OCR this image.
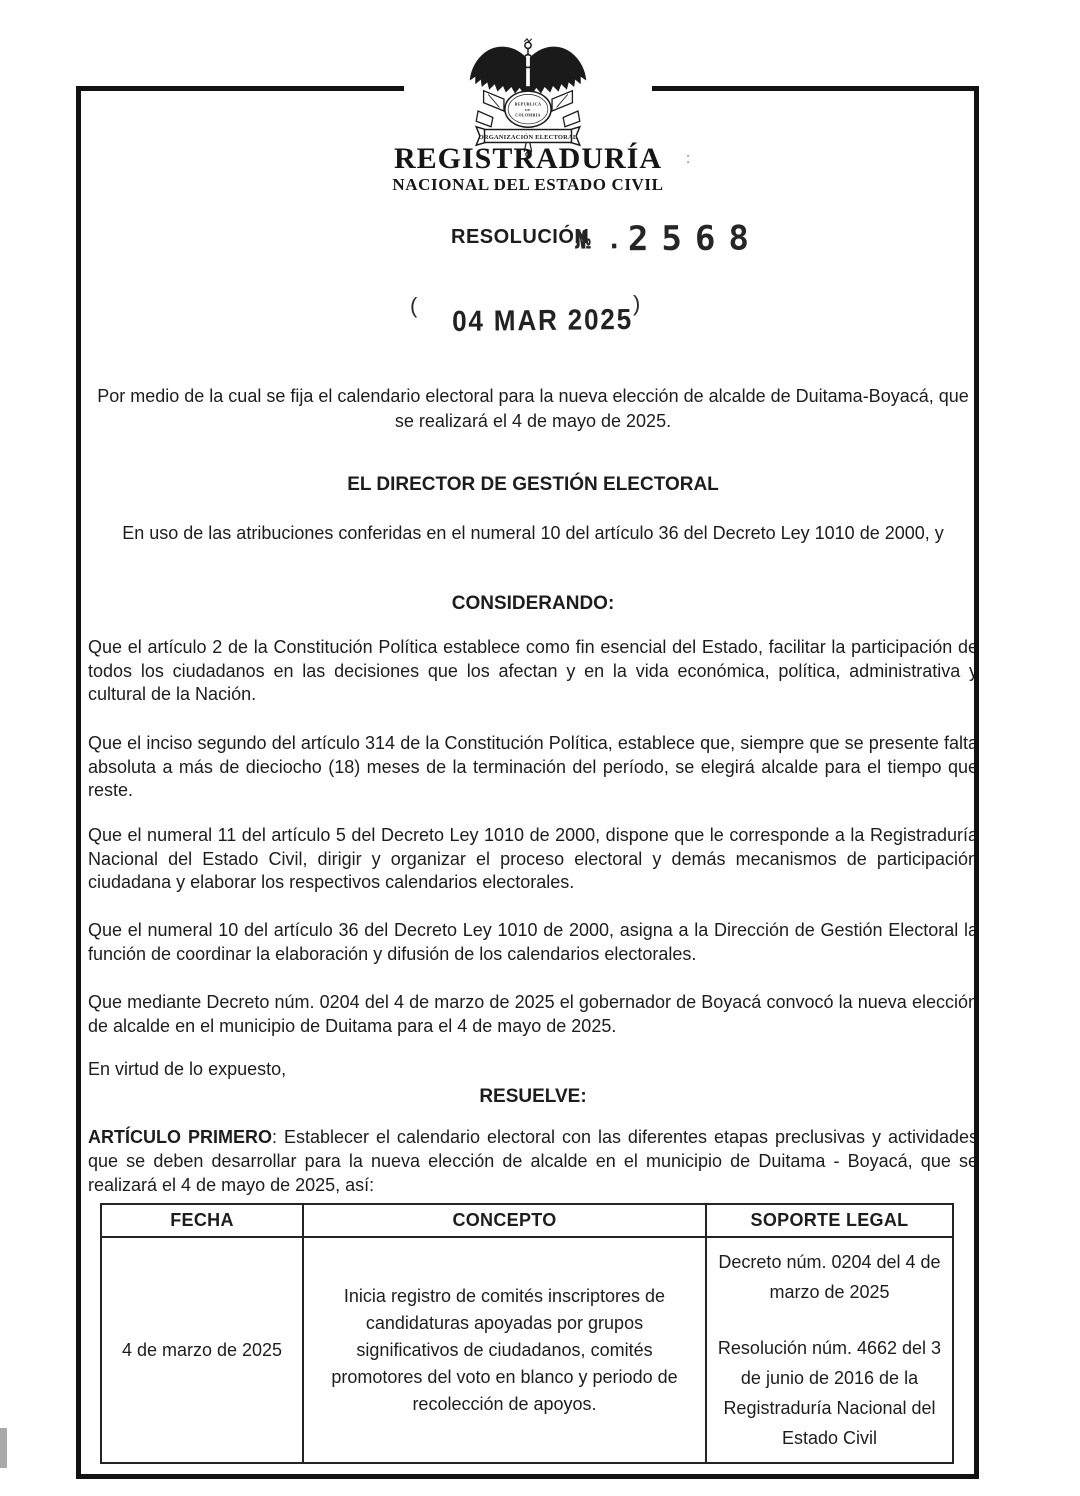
REPUBLICA
DE
COLOMBIA
ORGANIZACIÓN ELECTORAL
REGISTRADURÍA
NACIONAL DEL ESTADO CIVIL
RESOLUCIÓN
№ . 2568
(	)
04 MAR 2025

Por medio de la cual se fija el calendario electoral para la nueva elección de alcalde de Duitama-Boyacá, que se realizará el 4 de mayo de 2025.

EL DIRECTOR DE GESTIÓN ELECTORAL

En uso de las atribuciones conferidas en el numeral 10 del artículo 36 del Decreto Ley 1010 de 2000, y

CONSIDERANDO:

Que el artículo 2 de la Constitución Política establece como fin esencial del Estado, facilitar la participación de todos los ciudadanos en las decisiones que los afectan y en la vida económica, política, administrativa y cultural de la Nación.

Que el inciso segundo del artículo 314 de la Constitución Política, establece que, siempre que se presente falta absoluta a más de dieciocho (18) meses de la terminación del período, se elegirá alcalde para el tiempo que reste.

Que el numeral 11 del artículo 5 del Decreto Ley 1010 de 2000, dispone que le corresponde a la Registraduría Nacional del Estado Civil, dirigir y organizar el proceso electoral y demás mecanismos de participación ciudadana y elaborar los respectivos calendarios electorales.

Que el numeral 10 del artículo 36 del Decreto Ley 1010 de 2000, asigna a la Dirección de Gestión Electoral la función de coordinar la elaboración y difusión de los calendarios electorales.

Que mediante Decreto núm. 0204 del 4 de marzo de 2025 el gobernador de Boyacá convocó la nueva elección de alcalde en el municipio de Duitama para el 4 de mayo de 2025.

En virtud de lo expuesto,

RESUELVE:

ARTÍCULO PRIMERO: Establecer el calendario electoral con las diferentes etapas preclusivas y actividades que se deben desarrollar para la nueva elección de alcalde en el municipio de Duitama - Boyacá, que se realizará el 4 de mayo de 2025, así:

FECHA	CONCEPTO	SOPORTE LEGAL
4 de marzo de 2025	Inicia registro de comités inscriptores de candidaturas apoyadas por grupos significativos de ciudadanos, comités promotores del voto en blanco y periodo de recolección de apoyos.	Decreto núm. 0204 del 4 de marzo de 2025
Resolución núm. 4662 del 3 de junio de 2016 de la Registraduría Nacional del Estado Civil
:
